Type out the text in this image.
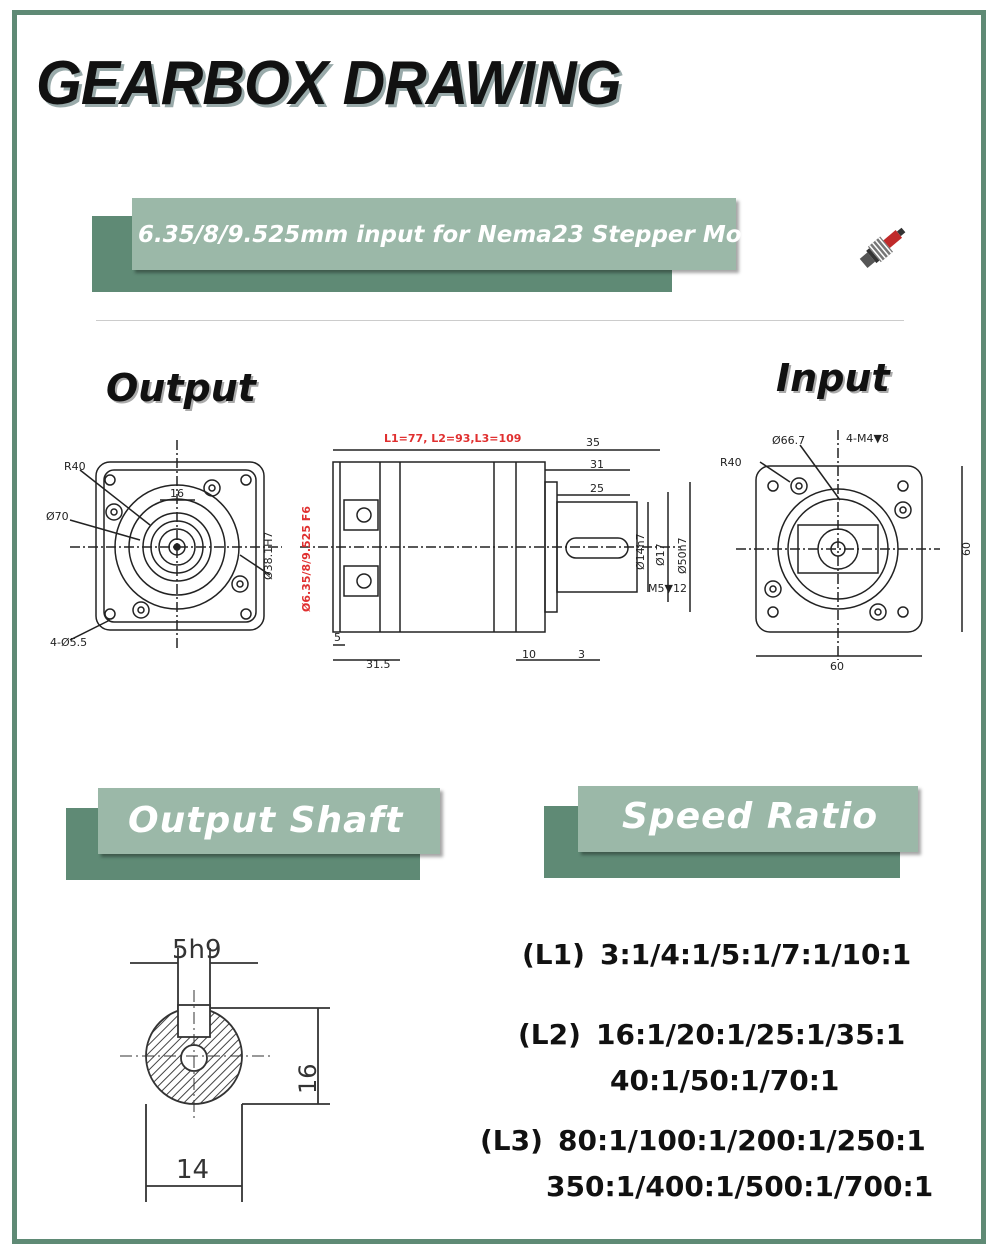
GEARBOX DRAWING
6.35/8/9.525mm input for Nema23 Stepper Motor
Output	Input
R40
Ø70
16
Ø38.1H7
4-Ø5.5
35
31
25
Ø14h7 Ø17 Ø50h7
M5▼12
5
31.5
10	3
Ø66.7	4-M4▼8
R40
60
60
L1=77, L2=93,L3=109
Ø6.35/8/9.525 F6
Output Shaft	Speed Ratio
5h9
16
14
(L1) 3:1/4:1/5:1/7:1/10:1
(L2) 16:1/20:1/25:1/35:1
40:1/50:1/70:1
(L3) 80:1/100:1/200:1/250:1
350:1/400:1/500:1/700:1
